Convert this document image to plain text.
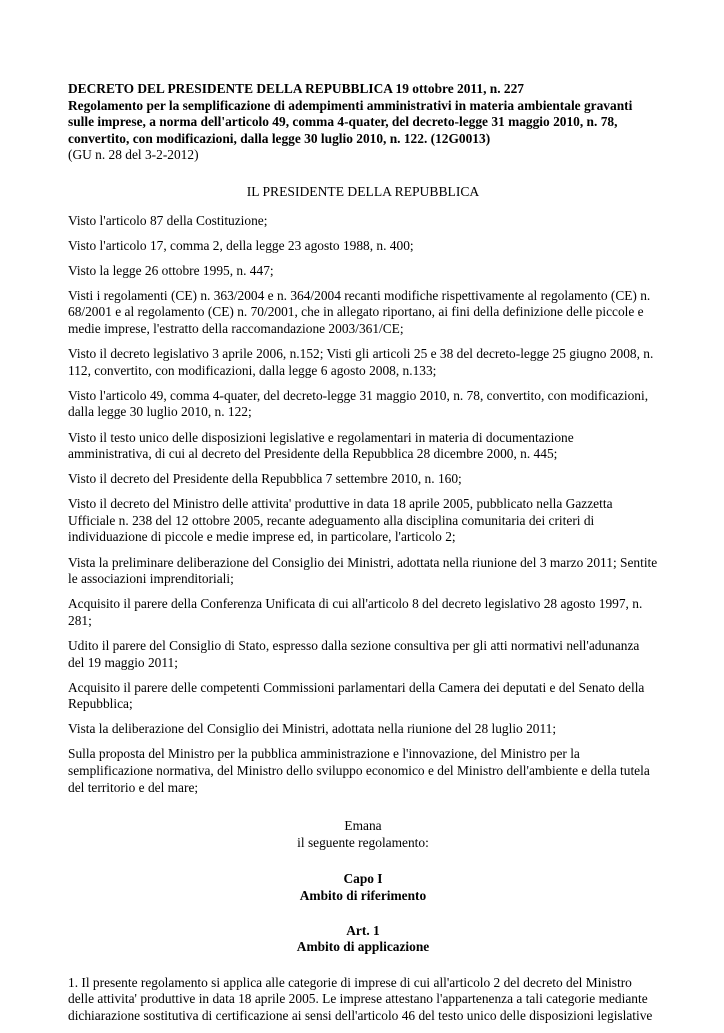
DECRETO DEL PRESIDENTE DELLA REPUBBLICA 19 ottobre 2011, n. 227

Regolamento per la semplificazione di adempimenti amministrativi in materia ambientale gravanti sulle imprese, a norma dell'articolo 49, comma 4-quater, del decreto-legge 31 maggio 2010, n. 78, convertito, con modificazioni, dalla legge 30 luglio 2010, n. 122. (12G0013)

(GU n. 28 del 3-2-2012)

IL PRESIDENTE DELLA REPUBBLICA

Visto l'articolo 87 della Costituzione;

Visto l'articolo 17, comma 2, della legge 23 agosto 1988, n. 400;

Visto la legge 26 ottobre 1995, n. 447;

Visti i regolamenti (CE) n. 363/2004 e n. 364/2004 recanti modifiche rispettivamente al regolamento (CE) n. 68/2001 e al regolamento (CE) n. 70/2001, che in allegato riportano, ai fini della definizione delle piccole e medie imprese, l'estratto della raccomandazione 2003/361/CE;

Visto il decreto legislativo 3 aprile 2006, n.152; Visti gli articoli 25 e 38 del decreto-legge 25 giugno 2008, n. 112, convertito, con modificazioni, dalla legge 6 agosto 2008, n.133;

Visto l'articolo 49, comma 4-quater, del decreto-legge 31 maggio 2010, n. 78, convertito, con modificazioni, dalla legge 30 luglio 2010, n. 122;

Visto il testo unico delle disposizioni legislative e regolamentari in materia di documentazione amministrativa, di cui al decreto del Presidente della Repubblica 28 dicembre 2000, n. 445;

Visto il decreto del Presidente della Repubblica 7 settembre 2010, n. 160;

Visto il decreto del Ministro delle attivita' produttive in data 18 aprile 2005, pubblicato nella Gazzetta Ufficiale n. 238 del 12 ottobre 2005, recante adeguamento alla disciplina comunitaria dei criteri di individuazione di piccole e medie imprese ed, in particolare, l'articolo 2;

Vista la preliminare deliberazione del Consiglio dei Ministri, adottata nella riunione del 3 marzo 2011; Sentite le associazioni imprenditoriali;

Acquisito il parere della Conferenza Unificata di cui all'articolo 8 del decreto legislativo 28 agosto 1997, n. 281;

Udito il parere del Consiglio di Stato, espresso dalla sezione consultiva per gli atti normativi nell'adunanza del 19 maggio 2011;

Acquisito il parere delle competenti Commissioni parlamentari della Camera dei deputati e del Senato della Repubblica;

Vista la deliberazione del Consiglio dei Ministri, adottata nella riunione del 28 luglio 2011;

Sulla proposta del Ministro per la pubblica amministrazione e l'innovazione, del Ministro per la semplificazione normativa, del Ministro dello sviluppo economico e del Ministro dell'ambiente e della tutela del territorio e del mare;

Emana
il seguente regolamento:
Capo I
Ambito di riferimento
Art. 1
Ambito di applicazione

1. Il presente regolamento si applica alle categorie di imprese di cui all'articolo 2 del decreto del Ministro delle attivita' produttive in data 18 aprile 2005. Le imprese attestano l'appartenenza a tali categorie mediante dichiarazione sostitutiva di certificazione ai sensi dell'articolo 46 del testo unico delle disposizioni legislative
